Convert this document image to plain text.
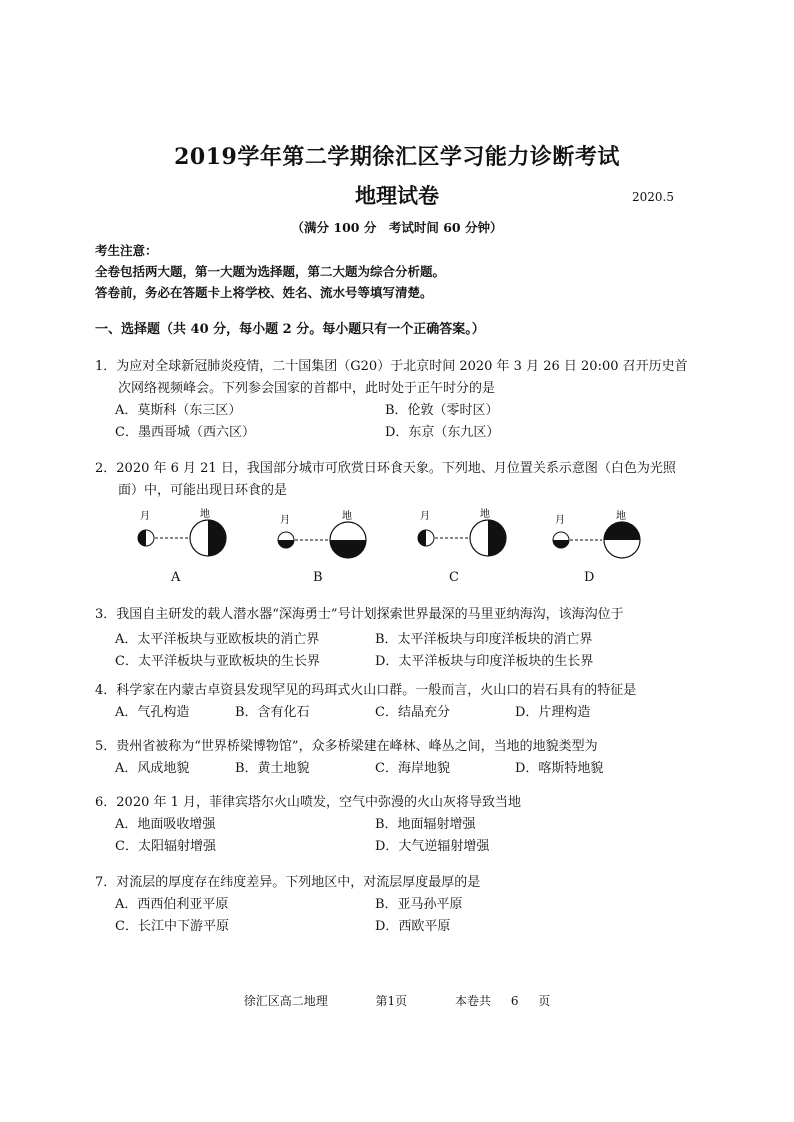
2019学年第二学期徐汇区学习能力诊断考试
地理试卷	2020.5
（满分 100 分　考试时间 60 分钟）
考生注意：
全卷包括两大题，第一大题为选择题，第二大题为综合分析题。
答卷前，务必在答题卡上将学校、姓名、流水号等填写清楚。
一、选择题（共 40 分，每小题 2 分。每小题只有一个正确答案。）
1．为应对全球新冠肺炎疫情，二十国集团（G20）于北京时间 2020 年 3 月 26 日 20:00 召开历史首
次网络视频峰会。下列参会国家的首都中，此时处于正午时分的是
A．莫斯科（东三区）	B．伦敦（零时区）
C．墨西哥城（西六区）	D．东京（东九区）
2．2020 年 6 月 21 日，我国部分城市可欣赏日环食天象。下列地、月位置关系示意图（白色为光照
面）中，可能出现日环食的是
月	地
月	地	月	地
月	地
A	B	C	D
3．我国自主研发的载人潜水器“深海勇士”号计划探索世界最深的马里亚纳海沟，该海沟位于
A．太平洋板块与亚欧板块的消亡界	B．太平洋板块与印度洋板块的消亡界
C．太平洋板块与亚欧板块的生长界	D．太平洋板块与印度洋板块的生长界
4．科学家在内蒙古卓资县发现罕见的玛珥式火山口群。一般而言，火山口的岩石具有的特征是
A．气孔构造	B．含有化石	C．结晶充分	D．片理构造
5．贵州省被称为“世界桥梁博物馆”，众多桥梁建在峰林、峰丛之间，当地的地貌类型为
A．风成地貌	B．黄土地貌	C．海岸地貌	D．喀斯特地貌
6．2020 年 1 月，菲律宾塔尔火山喷发，空气中弥漫的火山灰将导致当地
A．地面吸收增强	B．地面辐射增强
C．太阳辐射增强	D．大气逆辐射增强
7．对流层的厚度存在纬度差异。下列地区中，对流层厚度最厚的是
A．西西伯利亚平原	B．亚马孙平原
C．长江中下游平原	D．西欧平原
徐汇区高二地理	第1页	本卷共 6 页
